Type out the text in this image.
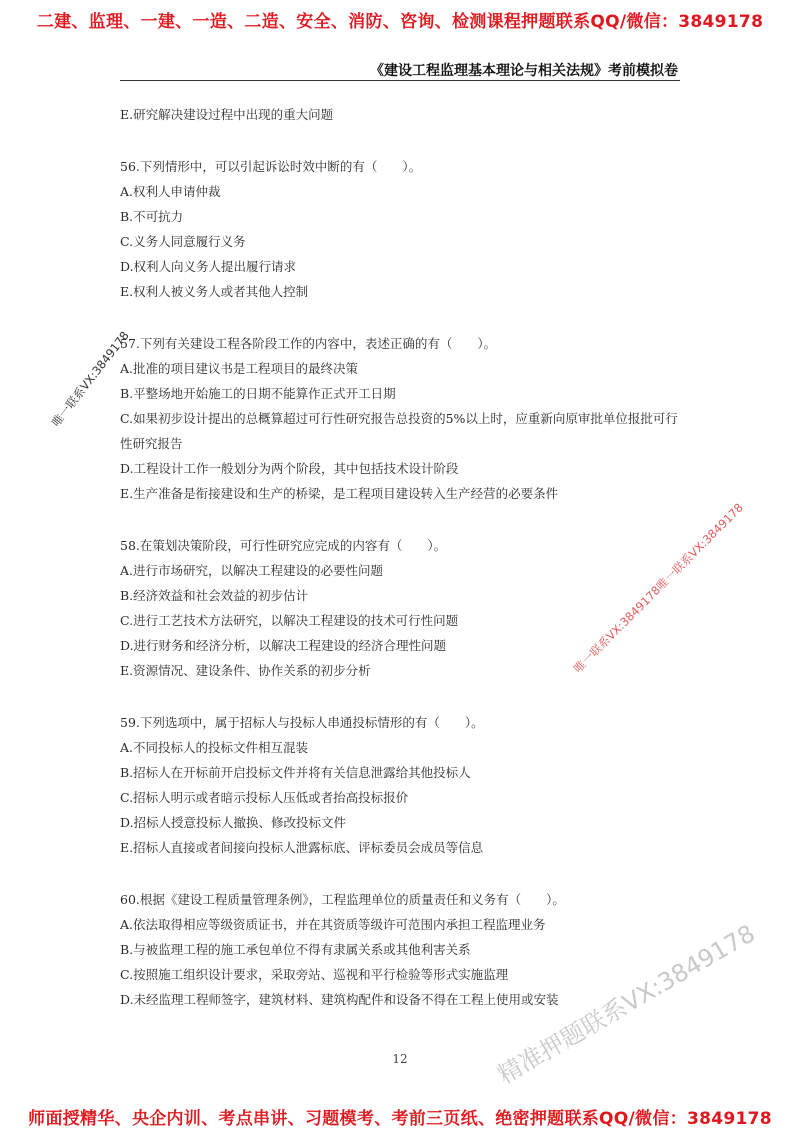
二建、监理、一建、一造、二造、安全、消防、咨询、检测课程押题联系QQ/微信：3849178
《建设工程监理基本理论与相关法规》考前模拟卷
E.研究解决建设过程中出现的重大问题
56.下列情形中，可以引起诉讼时效中断的有（　　）。
A.权利人申请仲裁
B.不可抗力
C.义务人同意履行义务
D.权利人向义务人提出履行请求
E.权利人被义务人或者其他人控制
57.下列有关建设工程各阶段工作的内容中，表述正确的有（　　）。
A.批准的项目建议书是工程项目的最终决策
B.平整场地开始施工的日期不能算作正式开工日期
C.如果初步设计提出的总概算超过可行性研究报告总投资的5%以上时，应重新向原审批单位报批可行性研究报告
D.工程设计工作一般划分为两个阶段，其中包括技术设计阶段
E.生产准备是衔接建设和生产的桥梁，是工程项目建设转入生产经营的必要条件
58.在策划决策阶段，可行性研究应完成的内容有（　　）。
A.进行市场研究，以解决工程建设的必要性问题
B.经济效益和社会效益的初步估计
C.进行工艺技术方法研究，以解决工程建设的技术可行性问题
D.进行财务和经济分析，以解决工程建设的经济合理性问题
E.资源情况、建设条件、协作关系的初步分析
59.下列选项中，属于招标人与投标人串通投标情形的有（　　）。
A.不同投标人的投标文件相互混装
B.招标人在开标前开启投标文件并将有关信息泄露给其他投标人
C.招标人明示或者暗示投标人压低或者抬高投标报价
D.招标人授意投标人撤换、修改投标文件
E.招标人直接或者间接向投标人泄露标底、评标委员会成员等信息
60.根据《建设工程质量管理条例》，工程监理单位的质量责任和义务有（　　）。
A.依法取得相应等级资质证书，并在其资质等级许可范围内承担工程监理业务
B.与被监理工程的施工承包单位不得有隶属关系或其他利害关系
C.按照施工组织设计要求，采取旁站、巡视和平行检验等形式实施监理
D.未经监理工程师签字，建筑材料、建筑构配件和设备不得在工程上使用或安装
12
唯一联系VX:3849178
唯一联系VX:3849178唯一联系VX:3849178
精准押题联系VX:3849178
师面授精华、央企内训、考点串讲、习题模考、考前三页纸、绝密押题联系QQ/微信：3849178
